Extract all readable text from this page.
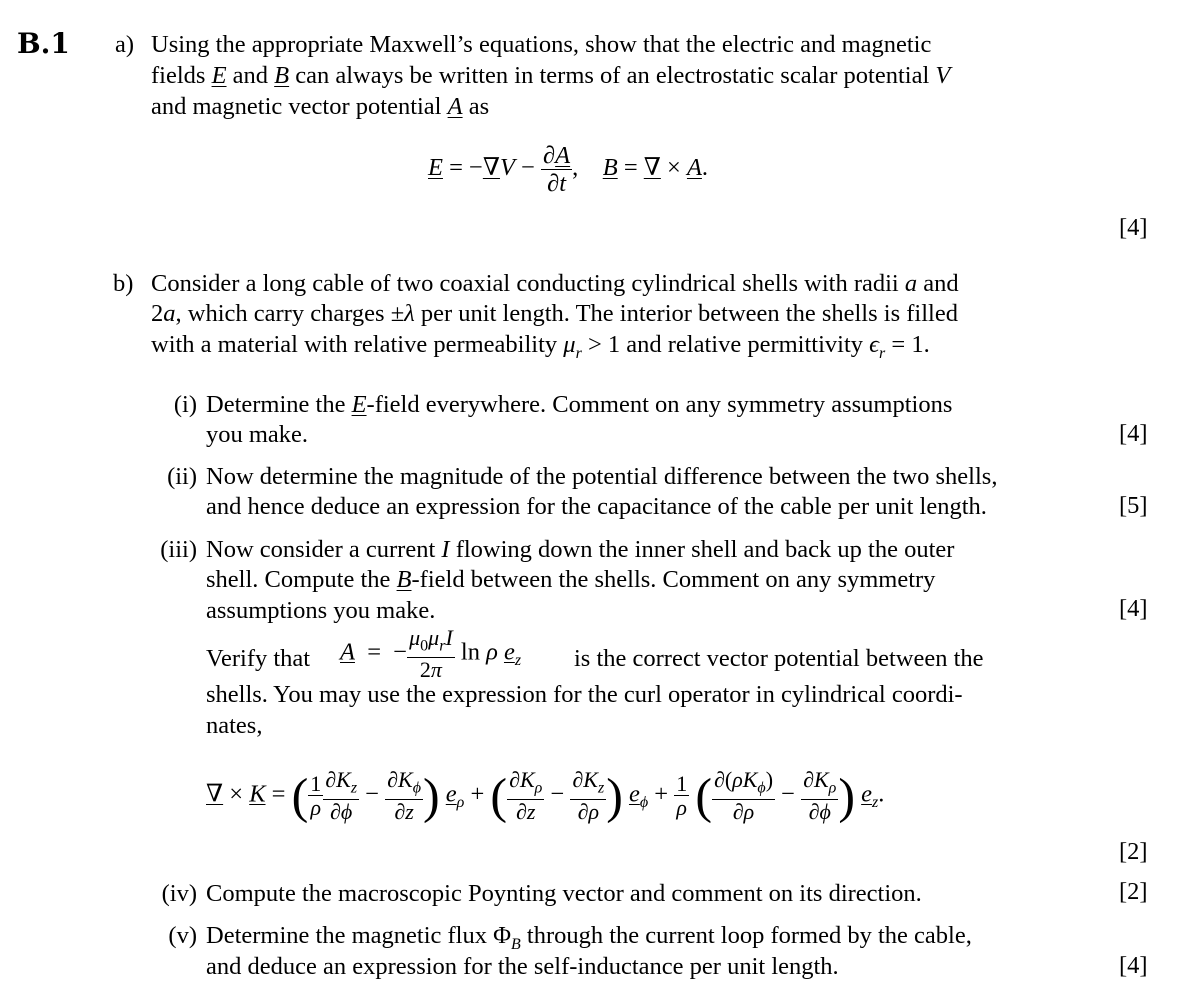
B.1 a) Using the appropriate Maxwell’s equations, show that the electric and magnetic
fields E and B can always be written in terms of an electrostatic scalar potential V
and magnetic vector potential A as
$E = -\nabla V - \frac{\partial A}{\partial t}$ ,    B = ∇ × A.
[4]
b) Consider a long cable of two coaxial conducting cylindrical shells with radii a and
2a, which carry charges ±λ per unit length. The interior between the shells is filled
with a material with relative permeability $\mu_r > 1$ and relative permittivity $\epsilon_r = 1$.
(i) Determine the E-field everywhere. Comment on any symmetry assumptions
you make.	[4]
(ii) Now determine the magnitude of the potential difference between the two shells,
and hence deduce an expression for the capacitance of the cable per unit length.	[5]
(iii) Now consider a current I flowing down the inner shell and back up the outer
shell. Compute the B-field between the shells. Comment on any symmetry
assumptions you make.	[4]
Verify that A  =  −
$\mu_0\mu_rI$
2π
ln ρ $e_z$ is the correct vector potential between the
shells. You may use the expression for the curl operator in cylindrical coordi-
nates,
∇ × K = ( $\frac{1}{\rho} \frac{\partial K_z}{\partial\phi} - \frac{\partial K_\phi}{\partial z}$ ) $e_\rho$ + ( $\frac{\partial K_\rho}{\partial z} - \frac{\partial K_z}{\partial\rho}$ ) $e_\phi + \frac{1}{\rho}$ ( $\partial(\rho K_\phi)$
∂ρ
− $\frac{\partial K_\rho}{\partial\phi}$ ) $e_z$.
[2]
(iv) Compute the macroscopic Poynting vector and comment on its direction.	[2]
(v) Determine the magnetic flux $\Phi_B$ through the current loop formed by the cable,
and deduce an expression for the self-inductance per unit length.	[4]
